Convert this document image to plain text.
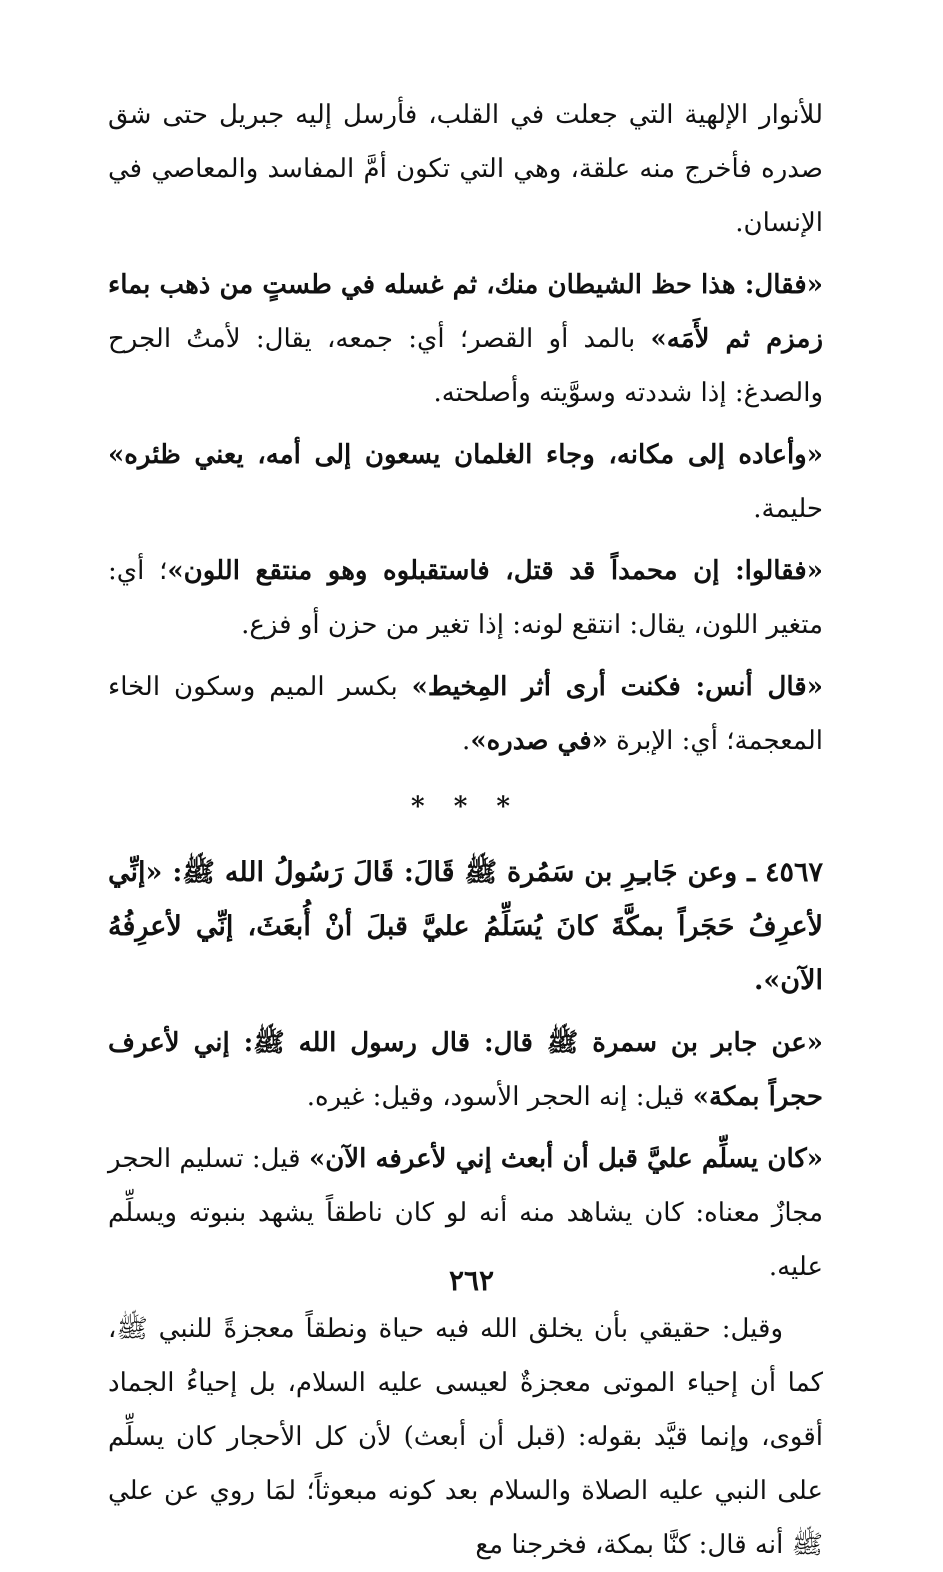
للأنوار الإلهية التي جعلت في القلب، فأرسل إليه جبريل حتى شق صدره فأخرج منه علقة، وهي التي تكون أمَّ المفاسد والمعاصي في الإنسان.

«فقال: هذا حظ الشيطان منك، ثم غسله في طستٍ من ذهب بماء زمزم ثم لأَمَه» بالمد أو القصر؛ أي: جمعه، يقال: لأمتُ الجرح والصدغ: إذا شددته وسوَّيته وأصلحته.

«وأعاده إلى مكانه، وجاء الغلمان يسعون إلى أمه، يعني ظئره» حليمة.

«فقالوا: إن محمداً قد قتل، فاستقبلوه وهو منتقع اللون»؛ أي: متغير اللون، يقال: انتقع لونه: إذا تغير من حزن أو فزع.

«قال أنس: فكنت أرى أثر المِخيط» بكسر الميم وسكون الخاء المعجمة؛ أي: الإبرة «في صدره».

* * *

٤٥٦٧ ـ وعن جَابـِرِ بن سَمُرة ﷺ قَالَ: قَالَ رَسُولُ الله ﷺ: «إنِّي لأعرِفُ حَجَراً بمكَّةَ كانَ يُسَلِّمُ عليَّ قبلَ أنْ أُبعَثَ، إنِّي لأعرِفُهُ الآن».

«عن جابر بن سمرة ﷺ قال: قال رسول الله ﷺ: إني لأعرف حجراً بمكة» قيل: إنه الحجر الأسود، وقيل: غيره.

«كان يسلِّم عليَّ قبل أن أبعث إني لأعرفه الآن» قيل: تسليم الحجر مجازٌ معناه: كان يشاهد منه أنه لو كان ناطقاً يشهد بنبوته ويسلِّم عليه.

وقيل: حقيقي بأن يخلق الله فيه حياة ونطقاً معجزةً للنبي ﷺ، كما أن إحياء الموتى معجزةٌ لعيسى عليه السلام، بل إحياءُ الجماد أقوى، وإنما قيَّد بقوله: (قبل أن أبعث) لأن كل الأحجار كان يسلِّم على النبي عليه الصلاة والسلام بعد كونه مبعوثاً؛ لمَا روي عن علي ﷺ أنه قال: كنَّا بمكة، فخرجنا مع

٢٦٢
